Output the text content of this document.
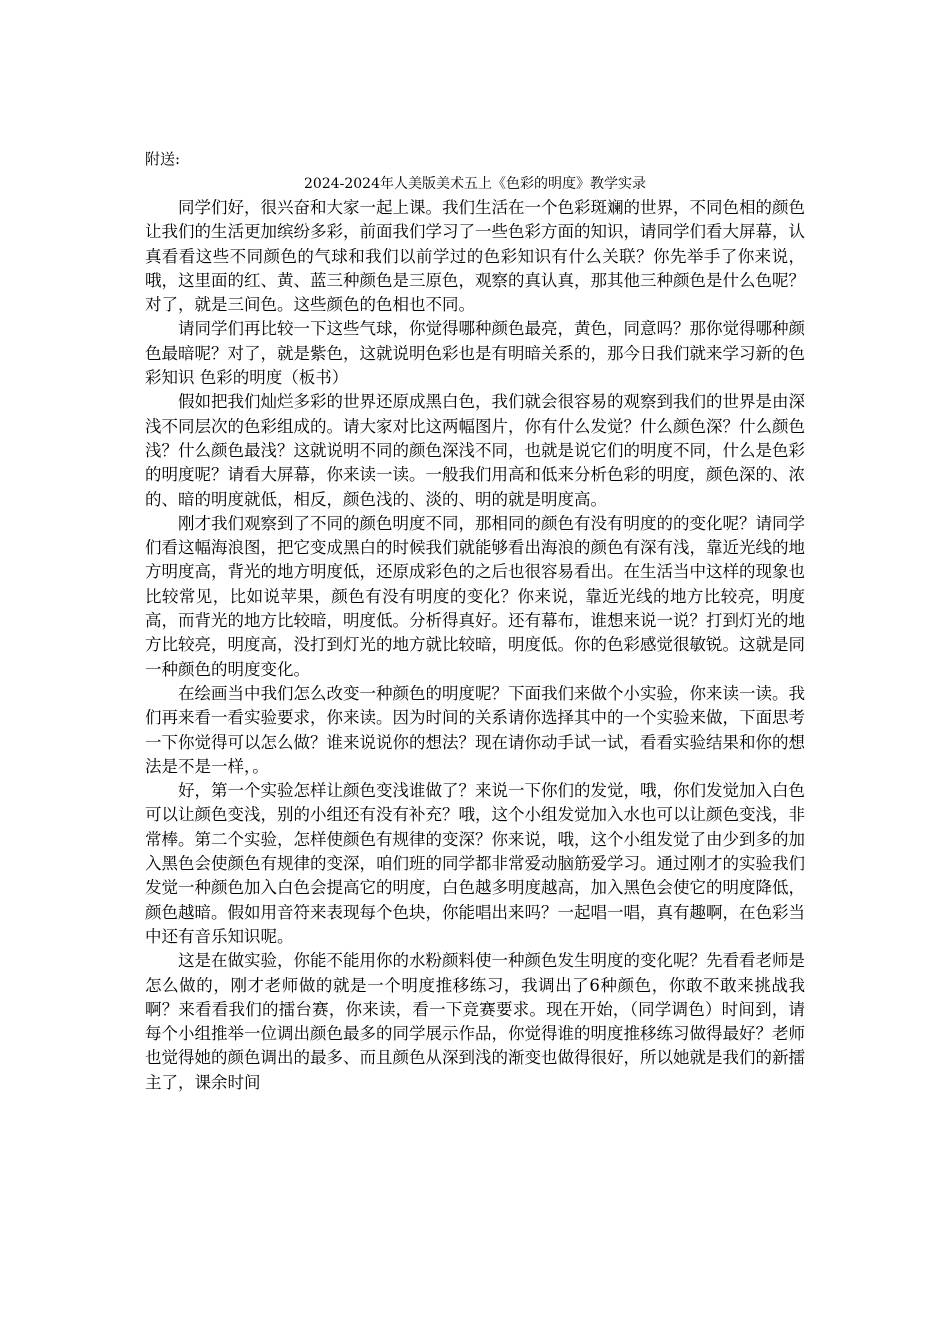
附送:
2024-2024年人美版美术五上《色彩的明度》教学实录

同学们好，很兴奋和大家一起上课。我们生活在一个色彩斑斓的世界，不同色相的颜色让我们的生活更加缤纷多彩，前面我们学习了一些色彩方面的知识，请同学们看大屏幕，认真看看这些不同颜色的气球和我们以前学过的色彩知识有什么关联？你先举手了你来说，哦，这里面的红、黄、蓝三种颜色是三原色，观察的真认真，那其他三种颜色是什么色呢？对了，就是三间色。这些颜色的色相也不同。

请同学们再比较一下这些气球，你觉得哪种颜色最亮，黄色，同意吗？那你觉得哪种颜色最暗呢？对了，就是紫色，这就说明色彩也是有明暗关系的，那今日我们就来学习新的色彩知识 色彩的明度（板书）

假如把我们灿烂多彩的世界还原成黑白色，我们就会很容易的观察到我们的世界是由深浅不同层次的色彩组成的。请大家对比这两幅图片，你有什么发觉？什么颜色深？什么颜色浅？什么颜色最浅？这就说明不同的颜色深浅不同，也就是说它们的明度不同，什么是色彩的明度呢？请看大屏幕，你来读一读。一般我们用高和低来分析色彩的明度，颜色深的、浓的、暗的明度就低，相反，颜色浅的、淡的、明的就是明度高。

刚才我们观察到了不同的颜色明度不同，那相同的颜色有没有明度的的变化呢？请同学们看这幅海浪图，把它变成黑白的时候我们就能够看出海浪的颜色有深有浅，靠近光线的地方明度高，背光的地方明度低，还原成彩色的之后也很容易看出。在生活当中这样的现象也比较常见，比如说苹果，颜色有没有明度的变化？你来说，靠近光线的地方比较亮，明度高，而背光的地方比较暗，明度低。分析得真好。还有幕布，谁想来说一说？打到灯光的地方比较亮，明度高，没打到灯光的地方就比较暗，明度低。你的色彩感觉很敏锐。这就是同一种颜色的明度变化。

在绘画当中我们怎么改变一种颜色的明度呢？下面我们来做个小实验，你来读一读。我们再来看一看实验要求，你来读。因为时间的关系请你选择其中的一个实验来做，下面思考一下你觉得可以怎么做？谁来说说你的想法？现在请你动手试一试，看看实验结果和你的想法是不是一样，。

好，第一个实验怎样让颜色变浅谁做了？来说一下你们的发觉，哦，你们发觉加入白色可以让颜色变浅，别的小组还有没有补充？哦，这个小组发觉加入水也可以让颜色变浅，非常棒。第二个实验，怎样使颜色有规律的变深？你来说，哦，这个小组发觉了由少到多的加入黑色会使颜色有规律的变深，咱们班的同学都非常爱动脑筋爱学习。通过刚才的实验我们发觉一种颜色加入白色会提高它的明度，白色越多明度越高，加入黑色会使它的明度降低，颜色越暗。假如用音符来表现每个色块，你能唱出来吗？一起唱一唱，真有趣啊，在色彩当中还有音乐知识呢。

这是在做实验，你能不能用你的水粉颜料使一种颜色发生明度的变化呢？先看看老师是怎么做的，刚才老师做的就是一个明度推移练习，我调出了6种颜色，你敢不敢来挑战我啊？来看看我们的擂台赛，你来读，看一下竞赛要求。现在开始，（同学调色）时间到，请每个小组推举一位调出颜色最多的同学展示作品，你觉得谁的明度推移练习做得最好？老师也觉得她的颜色调出的最多、而且颜色从深到浅的渐变也做得很好，所以她就是我们的新擂主了，课余时间
